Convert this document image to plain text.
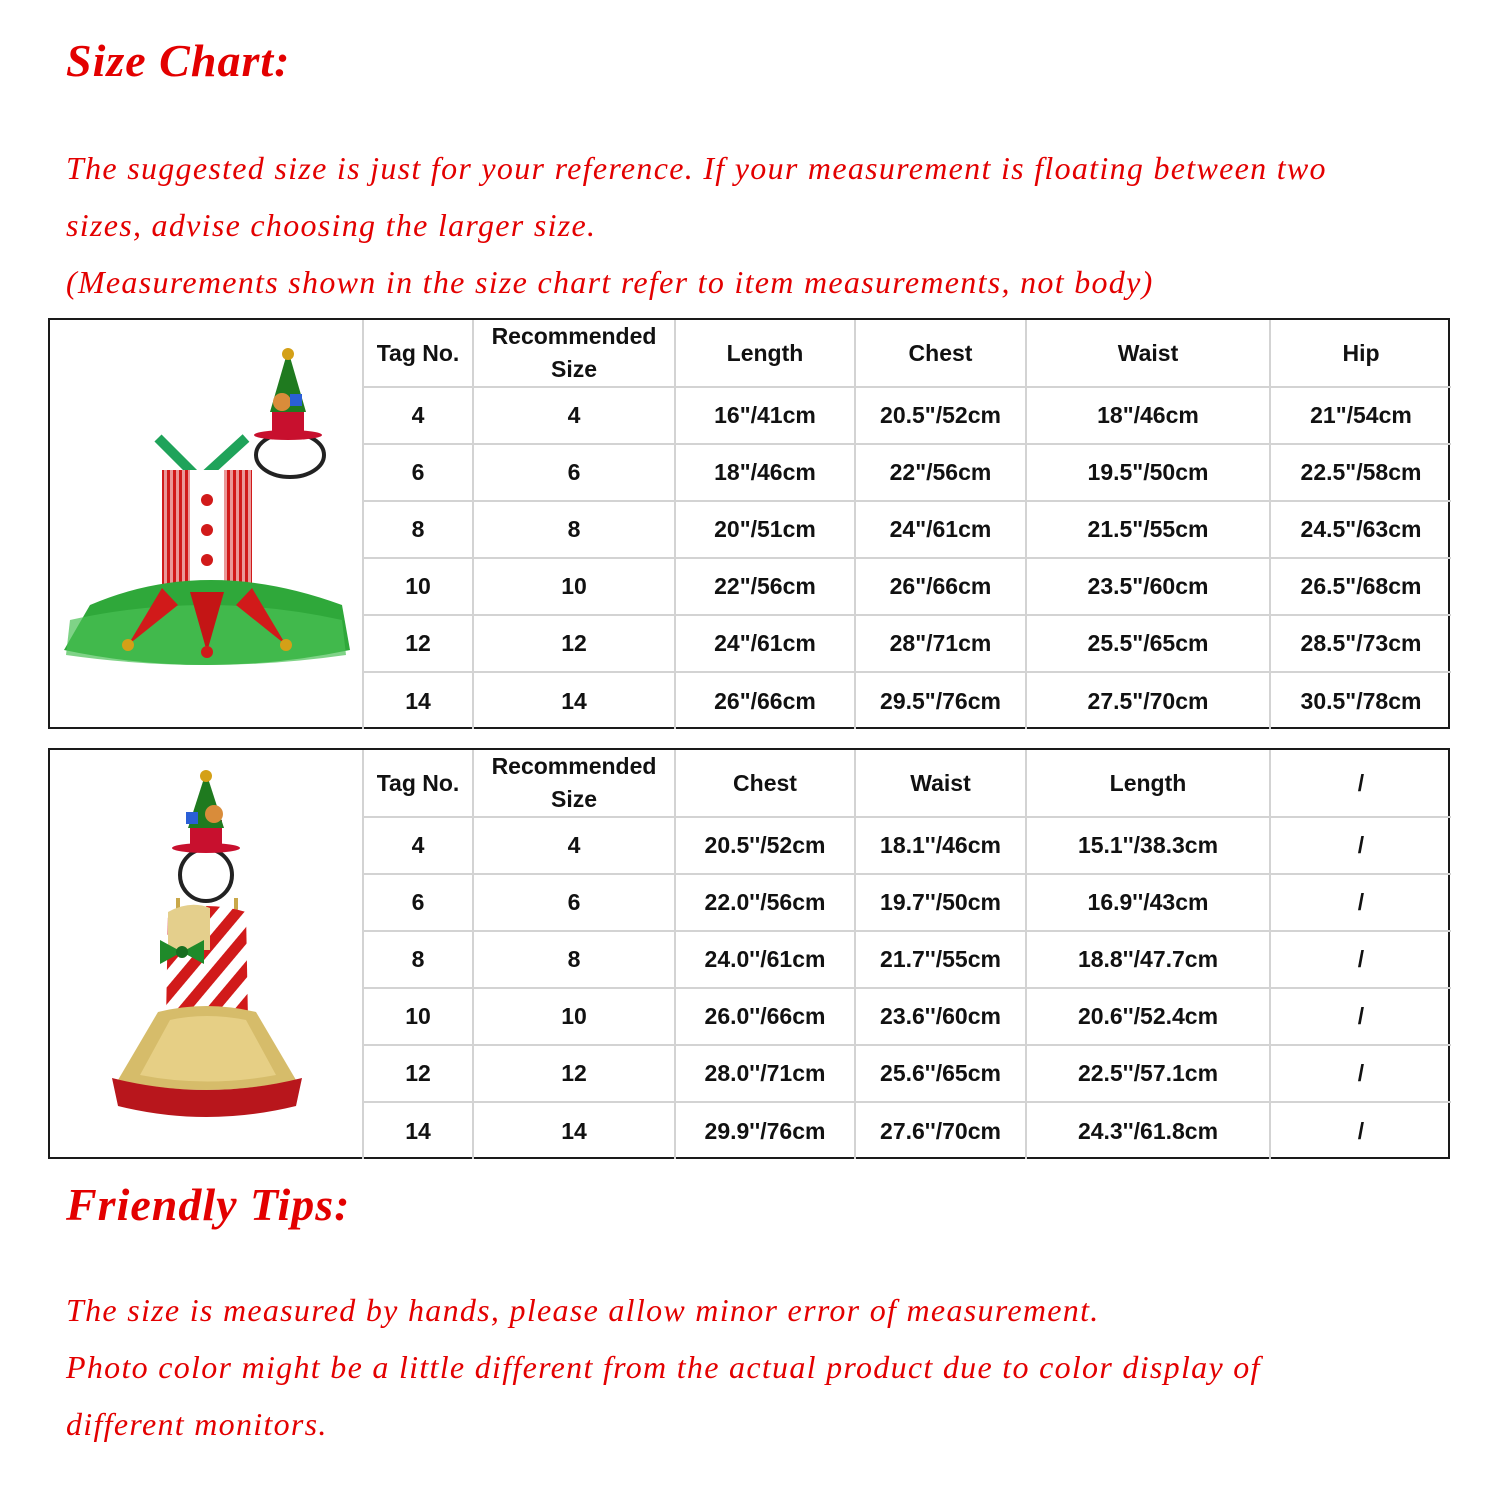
Size Chart:

The suggested size is just for your reference. If your measurement is floating between two

sizes, advise choosing the larger size.

(Measurements shown in the size chart refer to item measurements, not body)

Tag No.	Recommended Size	Length	Chest	Waist	Hip
4	4	16"/41cm	20.5"/52cm	18"/46cm	21"/54cm
6	6	18"/46cm	22"/56cm	19.5"/50cm	22.5"/58cm
8	8	20"/51cm	24"/61cm	21.5"/55cm	24.5"/63cm
10	10	22"/56cm	26"/66cm	23.5"/60cm	26.5"/68cm
12	12	24"/61cm	28"/71cm	25.5"/65cm	28.5"/73cm
14	14	26"/66cm	29.5"/76cm	27.5"/70cm	30.5"/78cm
Tag No.	Recommended Size	Chest	Waist	Length	/
4	4	20.5''/52cm	18.1''/46cm	15.1''/38.3cm	/
6	6	22.0''/56cm	19.7''/50cm	16.9''/43cm	/
8	8	24.0''/61cm	21.7''/55cm	18.8''/47.7cm	/
10	10	26.0''/66cm	23.6''/60cm	20.6''/52.4cm	/
12	12	28.0''/71cm	25.6''/65cm	22.5''/57.1cm	/
14	14	29.9''/76cm	27.6''/70cm	24.3''/61.8cm	/
Friendly Tips:

The size is measured by hands, please allow minor error of measurement.

Photo color might be a little different from the actual product due to color display of

different monitors.
